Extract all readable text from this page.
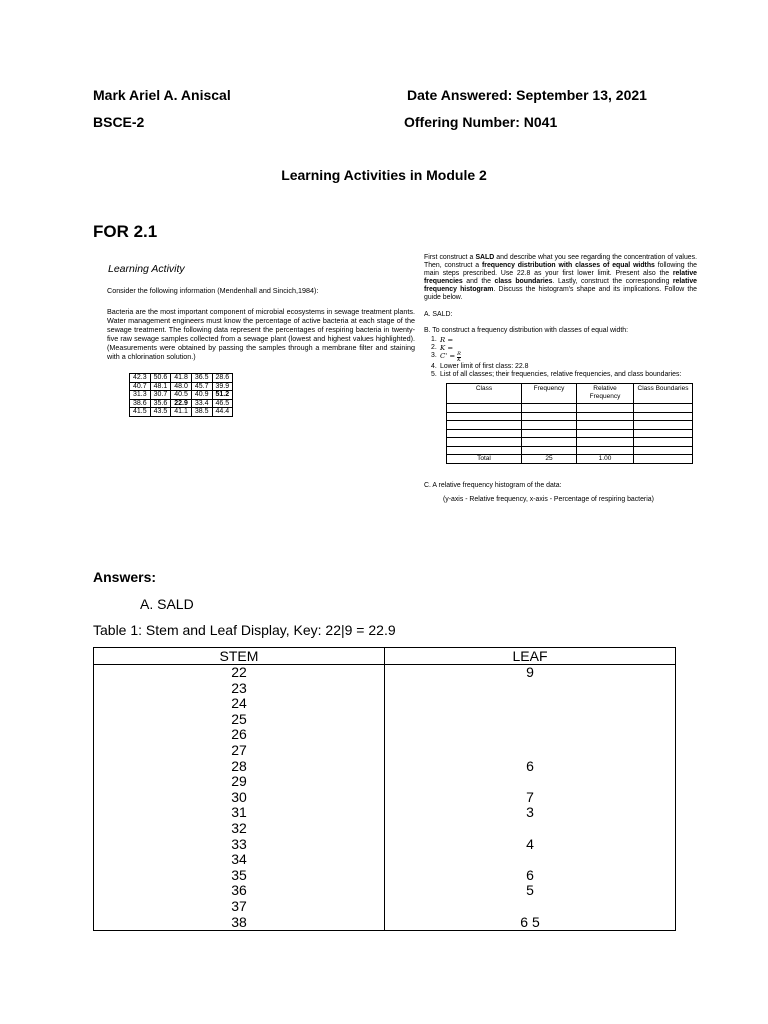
Mark Ariel A. Aniscal	Date Answered: September 13, 2021
BSCE-2	Offering Number: N041
Learning Activities in Module 2
FOR 2.1
Learning Activity
Consider the following information (Mendenhall and Sincich,1984):
Bacteria are the most important component of microbial ecosystems in sewage treatment plants. Water management engineers must know the percentage of active bacteria at each stage of the sewage treatment. The following data represent the percentages of respiring bacteria in twenty-five raw sewage samples collected from a sewage plant (lowest and highest values highlighted). (Measurements were obtained by passing the samples through a membrane filter and staining with a chlorination solution.)
42.3	50.6	41.8	36.5	28.6
40.7	48.1	48.0	45.7	39.9
31.3	30.7	40.5	40.9	51.2
38.6	35.6	22.9	33.4	46.5
41.5	43.5	41.1	38.5	44.4
First construct a SALD and describe what you see regarding the concentration of values. Then, construct a frequency distribution with classes of equal widths following the main steps prescribed. Use 22.8 as your first lower limit. Present also the relative frequencies and the class boundaries. Lastly, construct the corresponding relative frequency histogram. Discuss the histogram's shape and its implications. Follow the guide below.
A. SALD:
B. To construct a frequency distribution with classes of equal width:
1. R =
2. K =
3. C' =
$\frac{R}{K}$
4. Lower limit of first class: 22.8
5. List of all classes; their frequencies, relative frequencies, and class boundaries:
Class	Frequency	Relative Frequency	Class Boundaries

Total	25	1.00	
C. A relative frequency histogram of the data:
(y-axis - Relative frequency, x-axis - Percentage of respiring bacteria)
Answers:
A. SALD
Table 1: Stem and Leaf Display, Key: 22|9 = 22.9
STEM	LEAF
22	9
23	
24	
25	
26	
27	
28	6
29	
30	7
31	3
32	
33	4
34	
35	6
36	5
37	
38	6 5
